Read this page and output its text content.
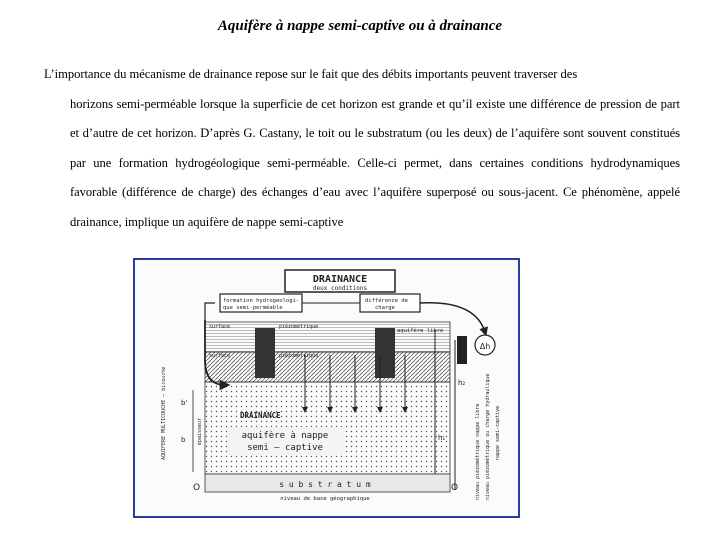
Aquifère à nappe semi-captive ou à drainance
L’importance du mécanisme de drainance repose sur le fait que des débits importants peuvent traverser des
horizons semi-perméable lorsque la superficie de cet horizon est grande et qu’il existe une différence de pression de part et d’autre de cet horizon. D’après G. Castany, le toit ou le substratum (ou les deux) de l’aquifère sont souvent constitués par une formation hydrogéologique semi-perméable. Celle-ci permet, dans certaines conditions hydrodynamiques favorable (différence de charge) des échanges d’eau avec l’aquifère superposé ou sous-jacent. Ce phénomène, appelé drainance, implique un aquifère de nappe semi-captive
DRAINANCE
deux conditions
formation hydrogéologi-
que semi-perméable
différence de
charge
surface	piézométrique
surface	piézométrique
aquifère libre
Δh
h₂
DRAINANCE
aquifère à nappe
semi – captive
s u b s t r a t u m
niveau de base géographique
O	O
b'
b épaisseur
AQUIFERE MULTICOUCHE – bicouche	niveau piézométrique nappe libre niveau piézométrique ou charge hydraulique nappe semi-captive
